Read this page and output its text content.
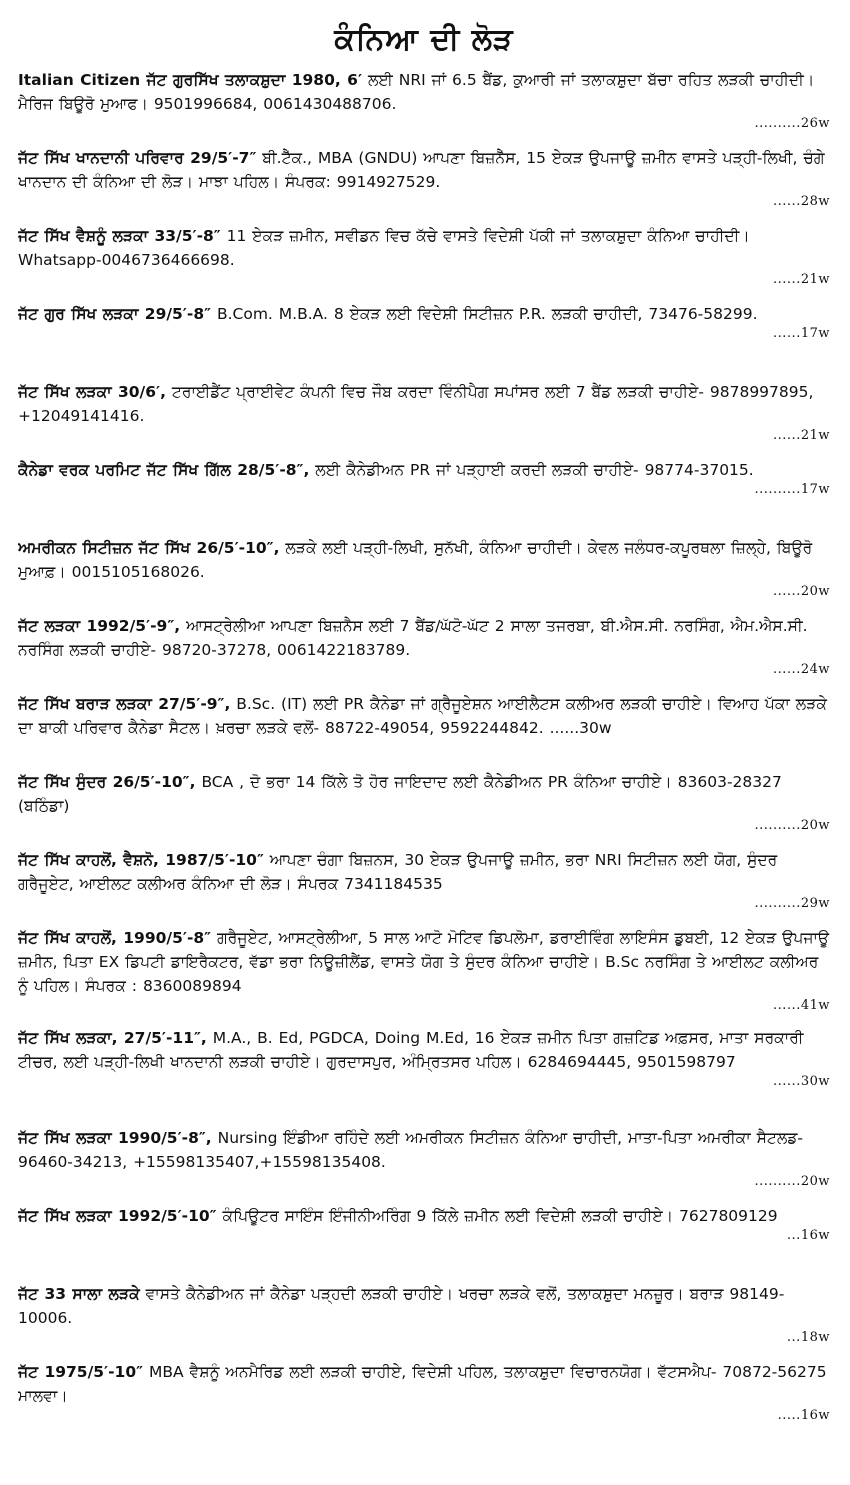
ਕੰਨਿਆ ਦੀ ਲੋੜ
Italian Citizen ਜੱਟ ਗੁਰਸਿੱਖ ਤਲਾਕਸ਼ੁਦਾ 1980, 6′ ਲਈ NRI ਜਾਂ 6.5 ਬੈਂਡ, ਕੁਆਰੀ ਜਾਂ ਤਲਾਕਸ਼ੁਦਾ ਬੱਚਾ ਰਹਿਤ ਲੜਕੀ ਚਾਹੀਦੀ। ਮੈਰਿਜ ਬਿਊਰੋ ਮੁਆਫ। 9501996684, 0061430488706.
..........26w
ਜੱਟ ਸਿੱਖ ਖਾਨਦਾਨੀ ਪਰਿਵਾਰ 29/5′-7″ ਬੀ.ਟੈੱਕ., MBA (GNDU) ਆਪਣਾ ਬਿਜ਼ਨੈੱਸ, 15 ਏਕੜ ਉਪਜਾਊ ਜ਼ਮੀਨ ਵਾਸਤੇ ਪੜ੍ਹੀ-ਲਿਖੀ, ਚੰਗੇ ਖਾਨਦਾਨ ਦੀ ਕੰਨਿਆ ਦੀ ਲੋੜ। ਮਾਝਾ ਪਹਿਲ। ਸੰਪਰਕ: 9914927529.
......28w
ਜੱਟ ਸਿੱਖ ਵੈਸ਼ਨੂੰ ਲੜਕਾ 33/5′-8″ 11 ਏਕੜ ਜ਼ਮੀਨ, ਸਵੀਡਨ ਵਿਚ ਕੱਚੇ ਵਾਸਤੇ ਵਿਦੇਸ਼ੀ ਪੱਕੀ ਜਾਂ ਤਲਾਕਸ਼ੁਦਾ ਕੰਨਿਆ ਚਾਹੀਦੀ। Whatsapp-0046736466698.
......21w
ਜੱਟ ਗੁਰ ਸਿੱਖ ਲੜਕਾ 29/5′-8″ B.Com. M.B.A. 8 ਏਕੜ ਲਈ ਵਿਦੇਸ਼ੀ ਸਿਟੀਜ਼ਨ P.R. ਲੜਕੀ ਚਾਹੀਦੀ, 73476-58299.
......17w
ਜੱਟ ਸਿੱਖ ਲੜਕਾ 30/6′, ਟਰਾਈਡੈਂਟ ਪ੍ਰਾਈਵੇਟ ਕੰਪਨੀ ਵਿਚ ਜੌਬ ਕਰਦਾ ਵਿੰਨੀਪੈਗ ਸਪਾਂਸਰ ਲਈ 7 ਬੈਂਡ ਲੜਕੀ ਚਾਹੀਏ- 9878997895, +12049141416.
......21w
ਕੈਨੇਡਾ ਵਰਕ ਪਰਮਿਟ ਜੱਟ ਸਿੱਖ ਗਿੱਲ 28/5′-8″, ਲਈ ਕੈਨੇਡੀਅਨ PR ਜਾਂ ਪੜ੍ਹਾਈ ਕਰਦੀ ਲੜਕੀ ਚਾਹੀਏ- 98774-37015.
..........17w
ਅਮਰੀਕਨ ਸਿਟੀਜ਼ਨ ਜੱਟ ਸਿੱਖ 26/5′-10″, ਲੜਕੇ ਲਈ ਪੜ੍ਹੀ-ਲਿਖੀ, ਸੁਨੱਖੀ, ਕੰਨਿਆ ਚਾਹੀਦੀ। ਕੇਵਲ ਜਲੰਧਰ-ਕਪੂਰਥਲਾ ਜ਼ਿਲ੍ਹੇ, ਬਿਊਰੋ ਮੁਆਫ਼। 0015105168026.
......20w
ਜੱਟ ਲੜਕਾ 1992/5′-9″, ਆਸਟ੍ਰੇਲੀਆ ਆਪਣਾ ਬਿਜ਼ਨੈਸ ਲਈ 7 ਬੈਂਡ/ਘੱਟੋ-ਘੱਟ 2 ਸਾਲਾ ਤਜਰਬਾ, ਬੀ.ਐਸ.ਸੀ. ਨਰਸਿੰਗ, ਐਮ.ਐਸ.ਸੀ. ਨਰਸਿੰਗ ਲੜਕੀ ਚਾਹੀਏ- 98720-37278, 0061422183789.
......24w
ਜੱਟ ਸਿੱਖ ਬਰਾੜ ਲੜਕਾ 27/5′-9″, B.Sc. (IT) ਲਈ PR ਕੈਨੇਡਾ ਜਾਂ ਗ੍ਰੈਜੂਏਸ਼ਨ ਆਈਲੈਟਸ ਕਲੀਅਰ ਲੜਕੀ ਚਾਹੀਏ। ਵਿਆਹ ਪੱਕਾ ਲੜਕੇ ਦਾ ਬਾਕੀ ਪਰਿਵਾਰ ਕੈਨੇਡਾ ਸੈਟਲ। ਖ਼ਰਚਾ ਲੜਕੇ ਵਲੋਂ- 88722-49054, 9592244842. ......30w
ਜੱਟ ਸਿੱਖ ਸੁੰਦਰ 26/5′-10″, BCA , ਦੋ ਭਰਾ 14 ਕਿੱਲੇ ਤੋ ਹੋਰ ਜਾਇਦਾਦ ਲਈ ਕੈਨੇਡੀਅਨ PR ਕੰਨਿਆ ਚਾਹੀਏ। 83603-28327 (ਬਠਿੰਡਾ)
..........20w
ਜੱਟ ਸਿੱਖ ਕਾਹਲੋਂ, ਵੈਸ਼ਨੋ, 1987/5′-10″ ਆਪਣਾ ਚੰਗਾ ਬਿਜ਼ਨਸ, 30 ਏਕੜ ਉਪਜਾਊ ਜ਼ਮੀਨ, ਭਰਾ NRI ਸਿਟੀਜ਼ਨ ਲਈ ਯੋਗ, ਸੁੰਦਰ ਗਰੈਜੂਏਟ, ਆਈਲਟ ਕਲੀਅਰ ਕੰਨਿਆ ਦੀ ਲੋੜ। ਸੰਪਰਕ 7341184535
..........29w
ਜੱਟ ਸਿੱਖ ਕਾਹਲੋਂ, 1990/5′-8″ ਗਰੈਜੂਏਟ, ਆਸਟ੍ਰੇਲੀਆ, 5 ਸਾਲ ਆਟੋ ਮੋਟਿਵ ਡਿਪਲੋਮਾ, ਡਰਾਈਵਿੰਗ ਲਾਇਸੰਸ ਡੁਬਈ, 12 ਏਕੜ ਉਪਜਾਊ ਜ਼ਮੀਨ, ਪਿਤਾ EX ਡਿਪਟੀ ਡਾਇਰੈਕਟਰ, ਵੱਡਾ ਭਰਾ ਨਿਊਜ਼ੀਲੈਂਡ, ਵਾਸਤੇ ਯੋਗ ਤੇ ਸੁੰਦਰ ਕੰਨਿਆ ਚਾਹੀਏ। B.Sc ਨਰਸਿੰਗ ਤੇ ਆਈਲਟ ਕਲੀਅਰ ਨੂੰ ਪਹਿਲ। ਸੰਪਰਕ : 8360089894
......41w
ਜੱਟ ਸਿੱਖ ਲੜਕਾ, 27/5′-11″, M.A., B. Ed, PGDCA, Doing M.Ed, 16 ਏਕੜ ਜ਼ਮੀਨ ਪਿਤਾ ਗਜ਼ਟਿਡ ਅਫ਼ਸਰ, ਮਾਤਾ ਸਰਕਾਰੀ ਟੀਚਰ, ਲਈ ਪੜ੍ਹੀ-ਲਿਖੀ ਖਾਨਦਾਨੀ ਲੜਕੀ ਚਾਹੀਏ। ਗੁਰਦਾਸਪੁਰ, ਅੰਮ੍ਰਿਤਸਰ ਪਹਿਲ। 6284694445, 9501598797
......30w
ਜੱਟ ਸਿੱਖ ਲੜਕਾ 1990/5′-8″, Nursing ਇੰਡੀਆ ਰਹਿੰਦੇ ਲਈ ਅਮਰੀਕਨ ਸਿਟੀਜ਼ਨ ਕੰਨਿਆ ਚਾਹੀਦੀ, ਮਾਤਾ-ਪਿਤਾ ਅਮਰੀਕਾ ਸੈਟਲਡ- 96460-34213, +15598135407,+15598135408.
..........20w
ਜੱਟ ਸਿੱਖ ਲੜਕਾ 1992/5′-10″ ਕੰਪਿਊਟਰ ਸਾਇੰਸ ਇੰਜੀਨੀਅਰਿੰਗ 9 ਕਿੱਲੇ ਜ਼ਮੀਨ ਲਈ ਵਿਦੇਸ਼ੀ ਲੜਕੀ ਚਾਹੀਏ। 7627809129
...16w
ਜੱਟ 33 ਸਾਲਾ ਲੜਕੇ ਵਾਸਤੇ ਕੈਨੇਡੀਅਨ ਜਾਂ ਕੈਨੇਡਾ ਪੜ੍ਹਦੀ ਲੜਕੀ ਚਾਹੀਏ। ਖਰਚਾ ਲੜਕੇ ਵਲੋਂ, ਤਲਾਕਸ਼ੁਦਾ ਮਨਜ਼ੂਰ। ਬਰਾੜ 98149-10006.
...18w
ਜੱਟ 1975/5′-10″ MBA ਵੈਸ਼ਨੂੰ ਅਨਮੈਰਿਡ ਲਈ ਲੜਕੀ ਚਾਹੀਏ, ਵਿਦੇਸ਼ੀ ਪਹਿਲ, ਤਲਾਕਸ਼ੁਦਾ ਵਿਚਾਰਨਯੋਗ। ਵੱਟਸਐਪ- 70872-56275 ਮਾਲਵਾ।
.....16w
